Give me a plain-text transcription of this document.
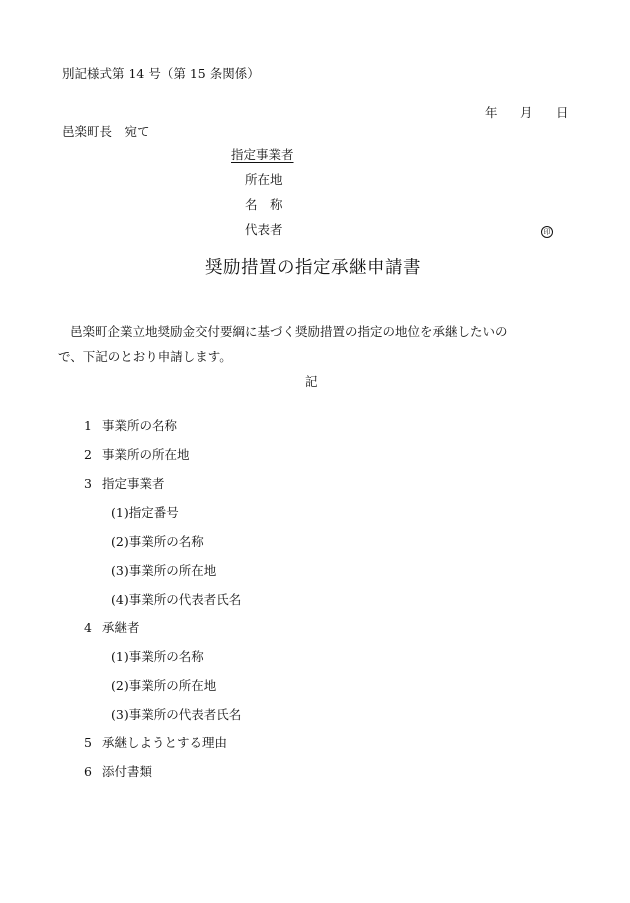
別記様式第 14 号（第 15 条関係）
年 月 日
邑楽町長　宛て
指定事業者
所在地
名　称
代表者	印
奨励措置の指定承継申請書
邑楽町企業立地奨励金交付要綱に基づく奨励措置の指定の地位を承継したいの
で、下記のとおり申請します。
記
1 事業所の名称
2 事業所の所在地
3 指定事業者
(1)指定番号
(2)事業所の名称
(3)事業所の所在地
(4)事業所の代表者氏名
4 承継者
(1)事業所の名称
(2)事業所の所在地
(3)事業所の代表者氏名
5 承継しようとする理由
6 添付書類
